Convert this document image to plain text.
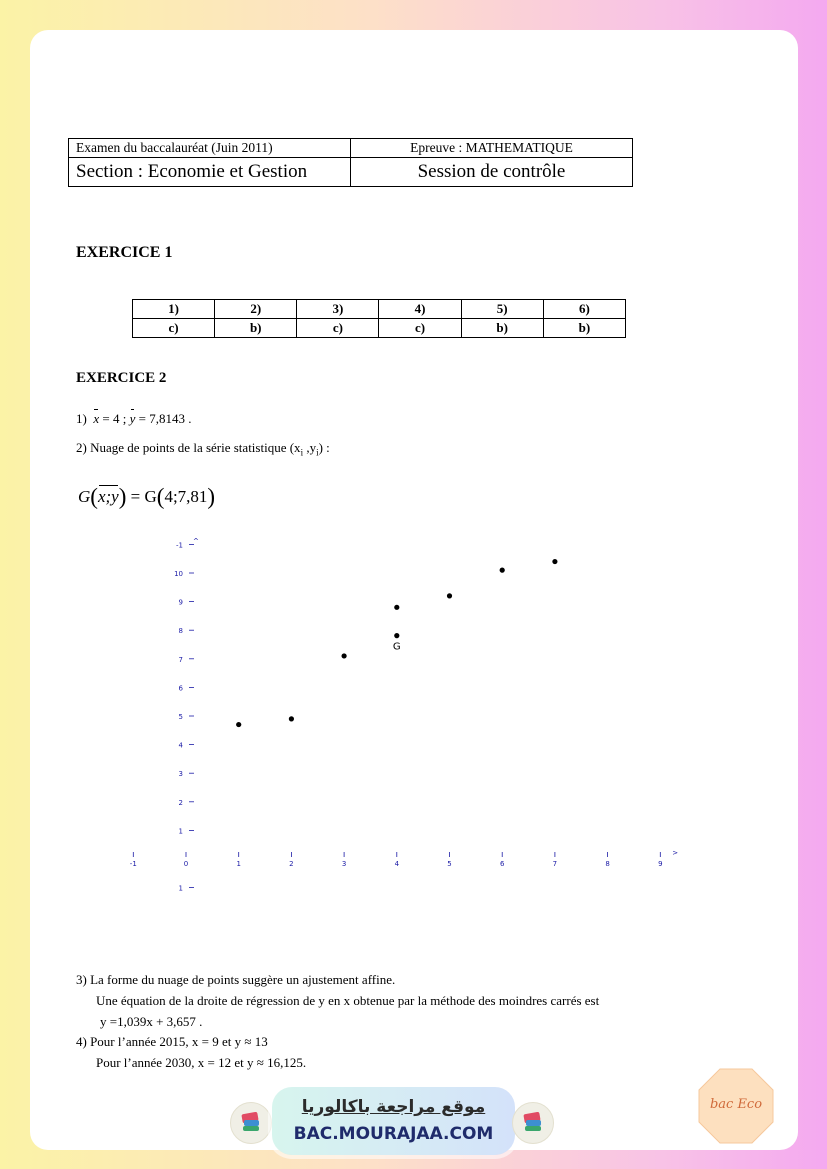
Examen du baccalauréat (Juin 2011)	Epreuve : MATHEMATIQUE
Section : Economie et Gestion	Session de contrôle
EXERCICE 1
1)	2)	3)	4)	5)	6)
c)	b)	c)	c)	b)	b)
EXERCICE 2
1) x = 4 ; y = 7,8143 .
2) Nuage de points de la série statistique ($x_i$ $,y_i$) :
G(x;y) = G(4;7,81)
>
^
-1	0	1	2	3	4	5	6	7	8	9
-1
10
9
8
7
6
5
4
3
2
1
1
G
3) La forme du nuage de points suggère un ajustement affine.
Une équation de la droite de régression de y en x obtenue par la méthode des moindres carrés est
y =1,039x + 3,657 .
4) Pour l’année 2015, x = 9 et y ≈ 13
Pour l’année 2030, x = 12 et y ≈ 16,125.
موقع مراجعة باكالوريا
BAC.MOURAJAA.COM
bac Eco
